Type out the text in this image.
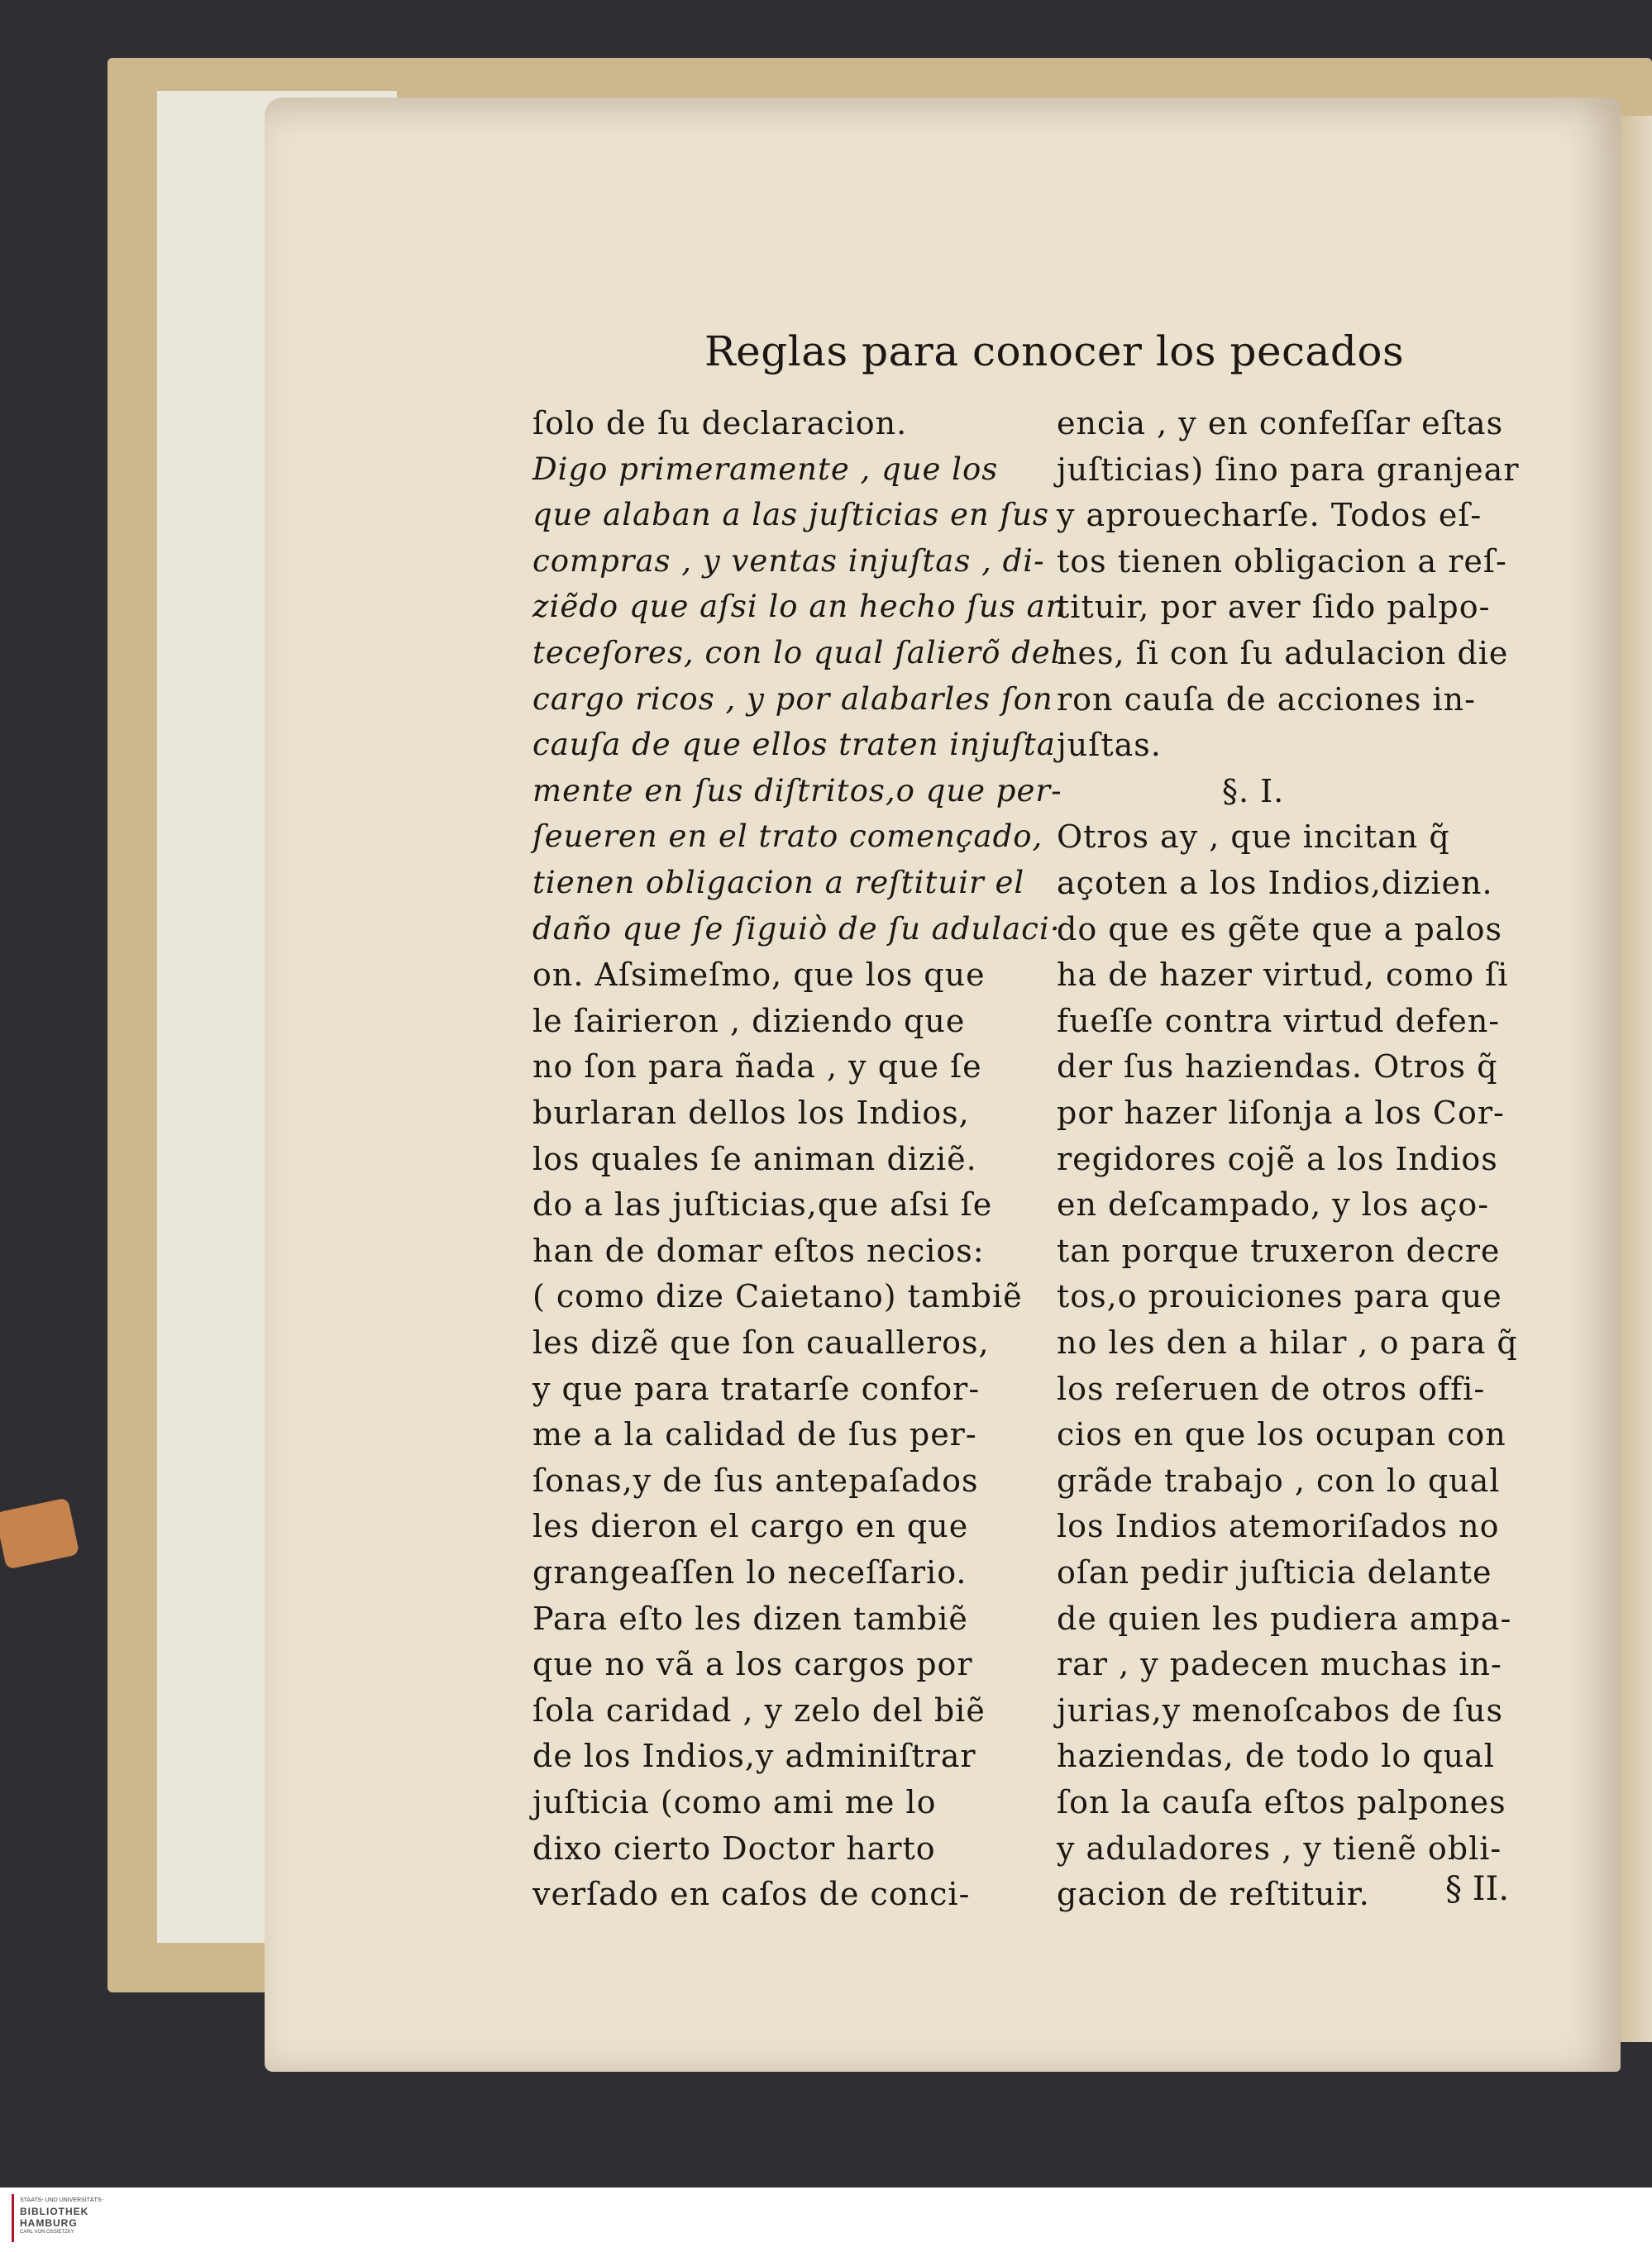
Reglas para conocer los pecados
ſolo de ſu declaracion.
Digo primeramente , que los
que alaban a las juſticias en ſus
compras , y ventas injuſtas , di-
ziẽdo que aſsi lo an hecho ſus an
teceſores, con lo qual ſalierõ del
cargo ricos , y por alabarles ſon
cauſa de que ellos traten injuſta
mente en ſus diſtritos,o que per-
ſeueren en el trato començado,
tienen obligacion a reſtituir el
daño que ſe ſiguiò de ſu adulaci·
on. Aſsimeſmo, que los que
le ſairieron , diziendo que
no ſon para ñada , y que ſe
burlaran dellos los Indios,
los quales ſe animan diziẽ.
do a las juſticias,que aſsi ſe
han de domar eſtos necios:
( como dize Caietano) tambiẽ
les dizẽ que ſon caualleros,
y que para tratarſe confor-
me a la calidad de ſus per-
ſonas,y de ſus antepaſados
les dieron el cargo en que
grangeaſſen lo neceſſario.
Para eſto les dizen tambiẽ
que no vã a los cargos por
ſola caridad , y zelo del biẽ
de los Indios,y adminiſtrar
juſticia (como ami me lo
dixo cierto Doctor harto
verſado en caſos de conci-
encia , y en confeſſar eſtas
juſticias) ſino para granjear
y aprouecharſe. Todos eſ-
tos tienen obligacion a reſ-
tituir, por aver ſido palpo-
nes, ſi con ſu adulacion die
ron cauſa de acciones in-
juſtas.
§. I.
Otros ay , que incitan q̃
açoten a los Indios,dizien.
do que es gẽte que a palos
ha de hazer virtud, como ſi
fueſſe contra virtud defen-
der ſus haziendas. Otros q̃
por hazer liſonja a los Cor-
regidores cojẽ a los Indios
en deſcampado, y los aço-
tan porque truxeron decre
tos,o prouiciones para que
no les den a hilar , o para q̃
los reſeruen de otros offi-
cios en que los ocupan con
grãde trabajo , con lo qual
los Indios atemoriſados no
oſan pedir juſticia delante
de quien les pudiera ampa-
rar , y padecen muchas in-
jurias,y menoſcabos de ſus
haziendas, de todo lo qual
ſon la cauſa eſtos palpones
y aduladores , y tienẽ obli-
gacion de reſtituir. § II.
STAATS- UND UNIVERSITÄTS-
BIBLIOTHEK
HAMBURG
CARL VON OSSIETZKY
